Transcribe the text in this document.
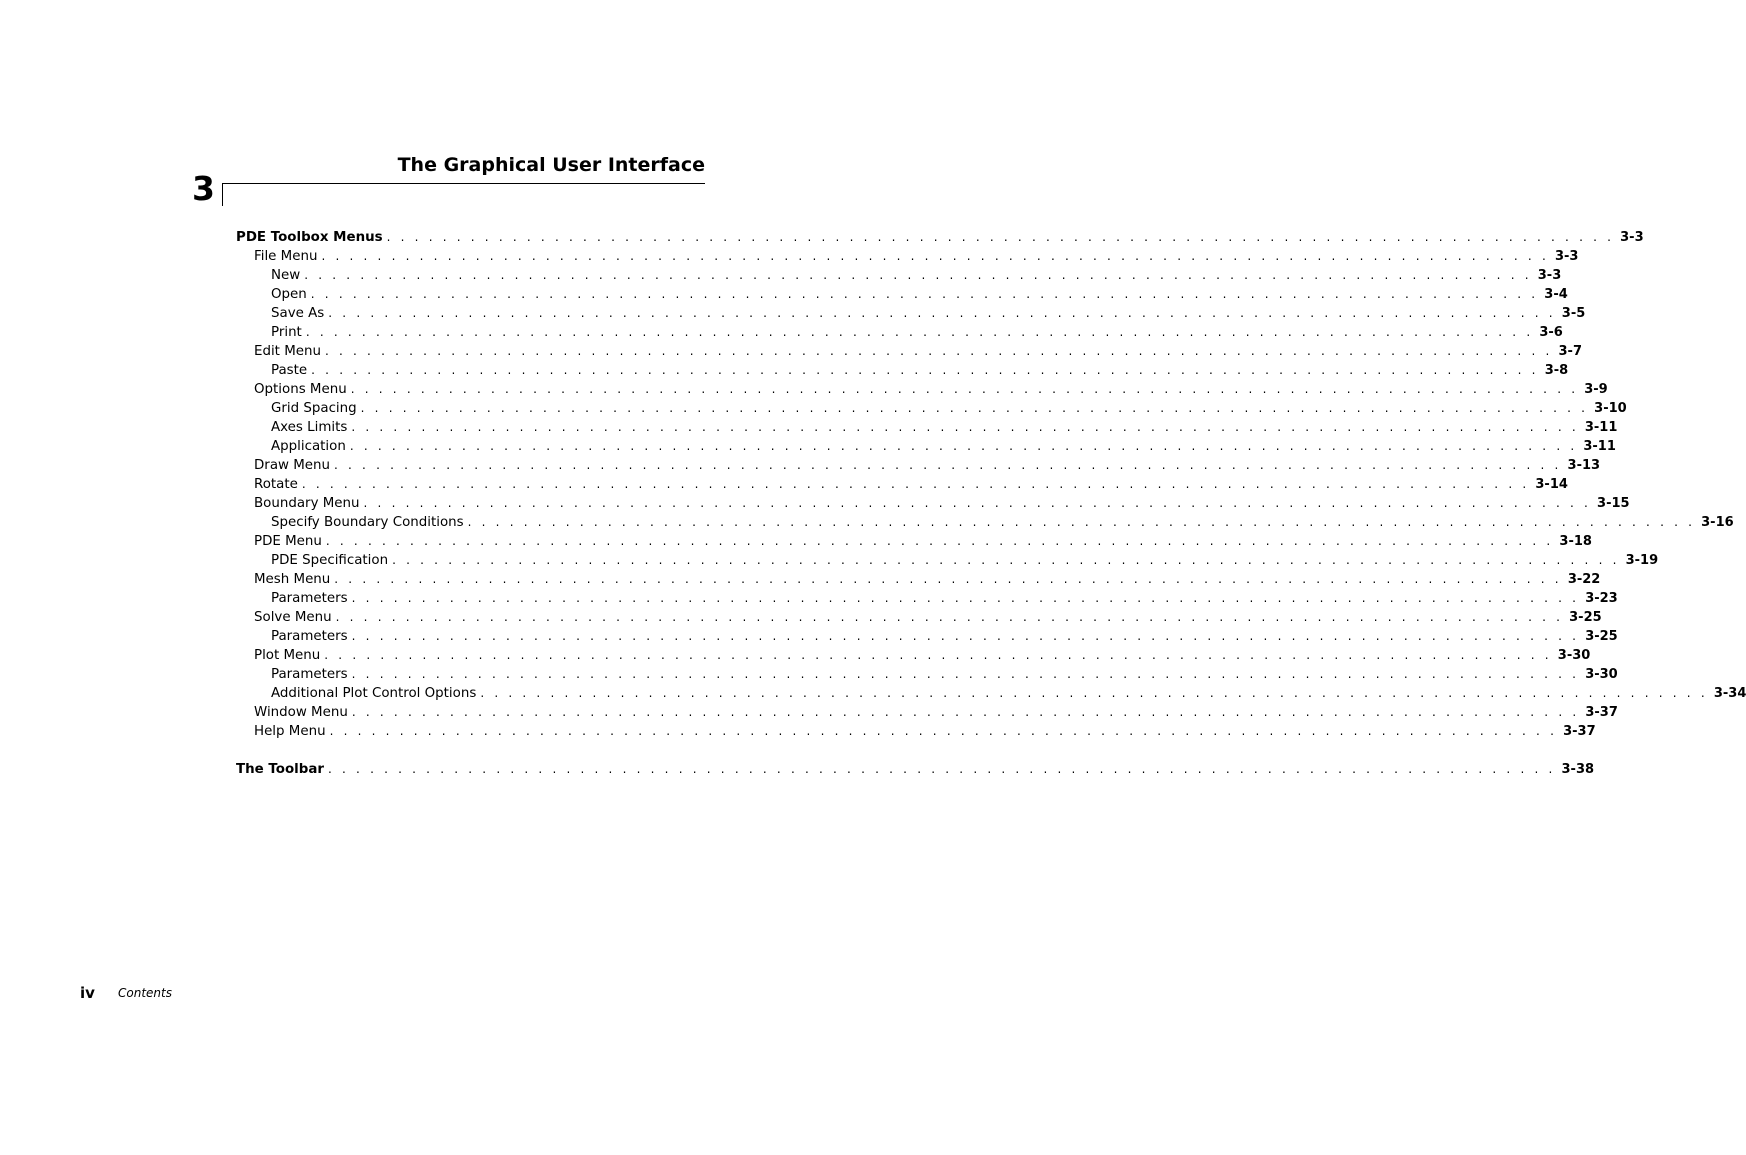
The Graphical User Interface
3
PDE Toolbox Menus . . . . . . . . . . . . . . . . . . . . . . . . . . . . . . . . . . . . . . . . . . . . . . . . . . . . . . . . . . . . . . . . . . . . . . . . . . . . . . . . . . . . . . . . 3-3
File Menu . . . . . . . . . . . . . . . . . . . . . . . . . . . . . . . . . . . . . . . . . . . . . . . . . . . . . . . . . . . . . . . . . . . . . . . . . . . . . . . . . . . . . . . . 3-3
New . . . . . . . . . . . . . . . . . . . . . . . . . . . . . . . . . . . . . . . . . . . . . . . . . . . . . . . . . . . . . . . . . . . . . . . . . . . . . . . . . . . . . . . . 3-3
Open . . . . . . . . . . . . . . . . . . . . . . . . . . . . . . . . . . . . . . . . . . . . . . . . . . . . . . . . . . . . . . . . . . . . . . . . . . . . . . . . . . . . . . . . 3-4
Save As . . . . . . . . . . . . . . . . . . . . . . . . . . . . . . . . . . . . . . . . . . . . . . . . . . . . . . . . . . . . . . . . . . . . . . . . . . . . . . . . . . . . . . . . 3-5
Print . . . . . . . . . . . . . . . . . . . . . . . . . . . . . . . . . . . . . . . . . . . . . . . . . . . . . . . . . . . . . . . . . . . . . . . . . . . . . . . . . . . . . . . . 3-6
Edit Menu . . . . . . . . . . . . . . . . . . . . . . . . . . . . . . . . . . . . . . . . . . . . . . . . . . . . . . . . . . . . . . . . . . . . . . . . . . . . . . . . . . . . . . . . 3-7
Paste . . . . . . . . . . . . . . . . . . . . . . . . . . . . . . . . . . . . . . . . . . . . . . . . . . . . . . . . . . . . . . . . . . . . . . . . . . . . . . . . . . . . . . . . 3-8
Options Menu . . . . . . . . . . . . . . . . . . . . . . . . . . . . . . . . . . . . . . . . . . . . . . . . . . . . . . . . . . . . . . . . . . . . . . . . . . . . . . . . . . . . . . . . 3-9
Grid Spacing . . . . . . . . . . . . . . . . . . . . . . . . . . . . . . . . . . . . . . . . . . . . . . . . . . . . . . . . . . . . . . . . . . . . . . . . . . . . . . . . . . . . . . . . 3-10
Axes Limits . . . . . . . . . . . . . . . . . . . . . . . . . . . . . . . . . . . . . . . . . . . . . . . . . . . . . . . . . . . . . . . . . . . . . . . . . . . . . . . . . . . . . . . . 3-11
Application . . . . . . . . . . . . . . . . . . . . . . . . . . . . . . . . . . . . . . . . . . . . . . . . . . . . . . . . . . . . . . . . . . . . . . . . . . . . . . . . . . . . . . . . 3-11
Draw Menu . . . . . . . . . . . . . . . . . . . . . . . . . . . . . . . . . . . . . . . . . . . . . . . . . . . . . . . . . . . . . . . . . . . . . . . . . . . . . . . . . . . . . . . . 3-13
Rotate . . . . . . . . . . . . . . . . . . . . . . . . . . . . . . . . . . . . . . . . . . . . . . . . . . . . . . . . . . . . . . . . . . . . . . . . . . . . . . . . . . . . . . . . 3-14
Boundary Menu . . . . . . . . . . . . . . . . . . . . . . . . . . . . . . . . . . . . . . . . . . . . . . . . . . . . . . . . . . . . . . . . . . . . . . . . . . . . . . . . . . . . . . . . 3-15
Specify Boundary Conditions . . . . . . . . . . . . . . . . . . . . . . . . . . . . . . . . . . . . . . . . . . . . . . . . . . . . . . . . . . . . . . . . . . . . . . . . . . . . . . . . . . . . . . . . 3-16
PDE Menu . . . . . . . . . . . . . . . . . . . . . . . . . . . . . . . . . . . . . . . . . . . . . . . . . . . . . . . . . . . . . . . . . . . . . . . . . . . . . . . . . . . . . . . . 3-18
PDE Specification . . . . . . . . . . . . . . . . . . . . . . . . . . . . . . . . . . . . . . . . . . . . . . . . . . . . . . . . . . . . . . . . . . . . . . . . . . . . . . . . . . . . . . . . 3-19
Mesh Menu . . . . . . . . . . . . . . . . . . . . . . . . . . . . . . . . . . . . . . . . . . . . . . . . . . . . . . . . . . . . . . . . . . . . . . . . . . . . . . . . . . . . . . . . 3-22
Parameters . . . . . . . . . . . . . . . . . . . . . . . . . . . . . . . . . . . . . . . . . . . . . . . . . . . . . . . . . . . . . . . . . . . . . . . . . . . . . . . . . . . . . . . . 3-23
Solve Menu . . . . . . . . . . . . . . . . . . . . . . . . . . . . . . . . . . . . . . . . . . . . . . . . . . . . . . . . . . . . . . . . . . . . . . . . . . . . . . . . . . . . . . . . 3-25
Parameters . . . . . . . . . . . . . . . . . . . . . . . . . . . . . . . . . . . . . . . . . . . . . . . . . . . . . . . . . . . . . . . . . . . . . . . . . . . . . . . . . . . . . . . . 3-25
Plot Menu . . . . . . . . . . . . . . . . . . . . . . . . . . . . . . . . . . . . . . . . . . . . . . . . . . . . . . . . . . . . . . . . . . . . . . . . . . . . . . . . . . . . . . . . 3-30
Parameters . . . . . . . . . . . . . . . . . . . . . . . . . . . . . . . . . . . . . . . . . . . . . . . . . . . . . . . . . . . . . . . . . . . . . . . . . . . . . . . . . . . . . . . . 3-30
Additional Plot Control Options . . . . . . . . . . . . . . . . . . . . . . . . . . . . . . . . . . . . . . . . . . . . . . . . . . . . . . . . . . . . . . . . . . . . . . . . . . . . . . . . . . . . . . . . 3-34
Window Menu . . . . . . . . . . . . . . . . . . . . . . . . . . . . . . . . . . . . . . . . . . . . . . . . . . . . . . . . . . . . . . . . . . . . . . . . . . . . . . . . . . . . . . . . 3-37
Help Menu . . . . . . . . . . . . . . . . . . . . . . . . . . . . . . . . . . . . . . . . . . . . . . . . . . . . . . . . . . . . . . . . . . . . . . . . . . . . . . . . . . . . . . . . 3-37
The Toolbar . . . . . . . . . . . . . . . . . . . . . . . . . . . . . . . . . . . . . . . . . . . . . . . . . . . . . . . . . . . . . . . . . . . . . . . . . . . . . . . . . . . . . . . . 3-38
iv Contents
